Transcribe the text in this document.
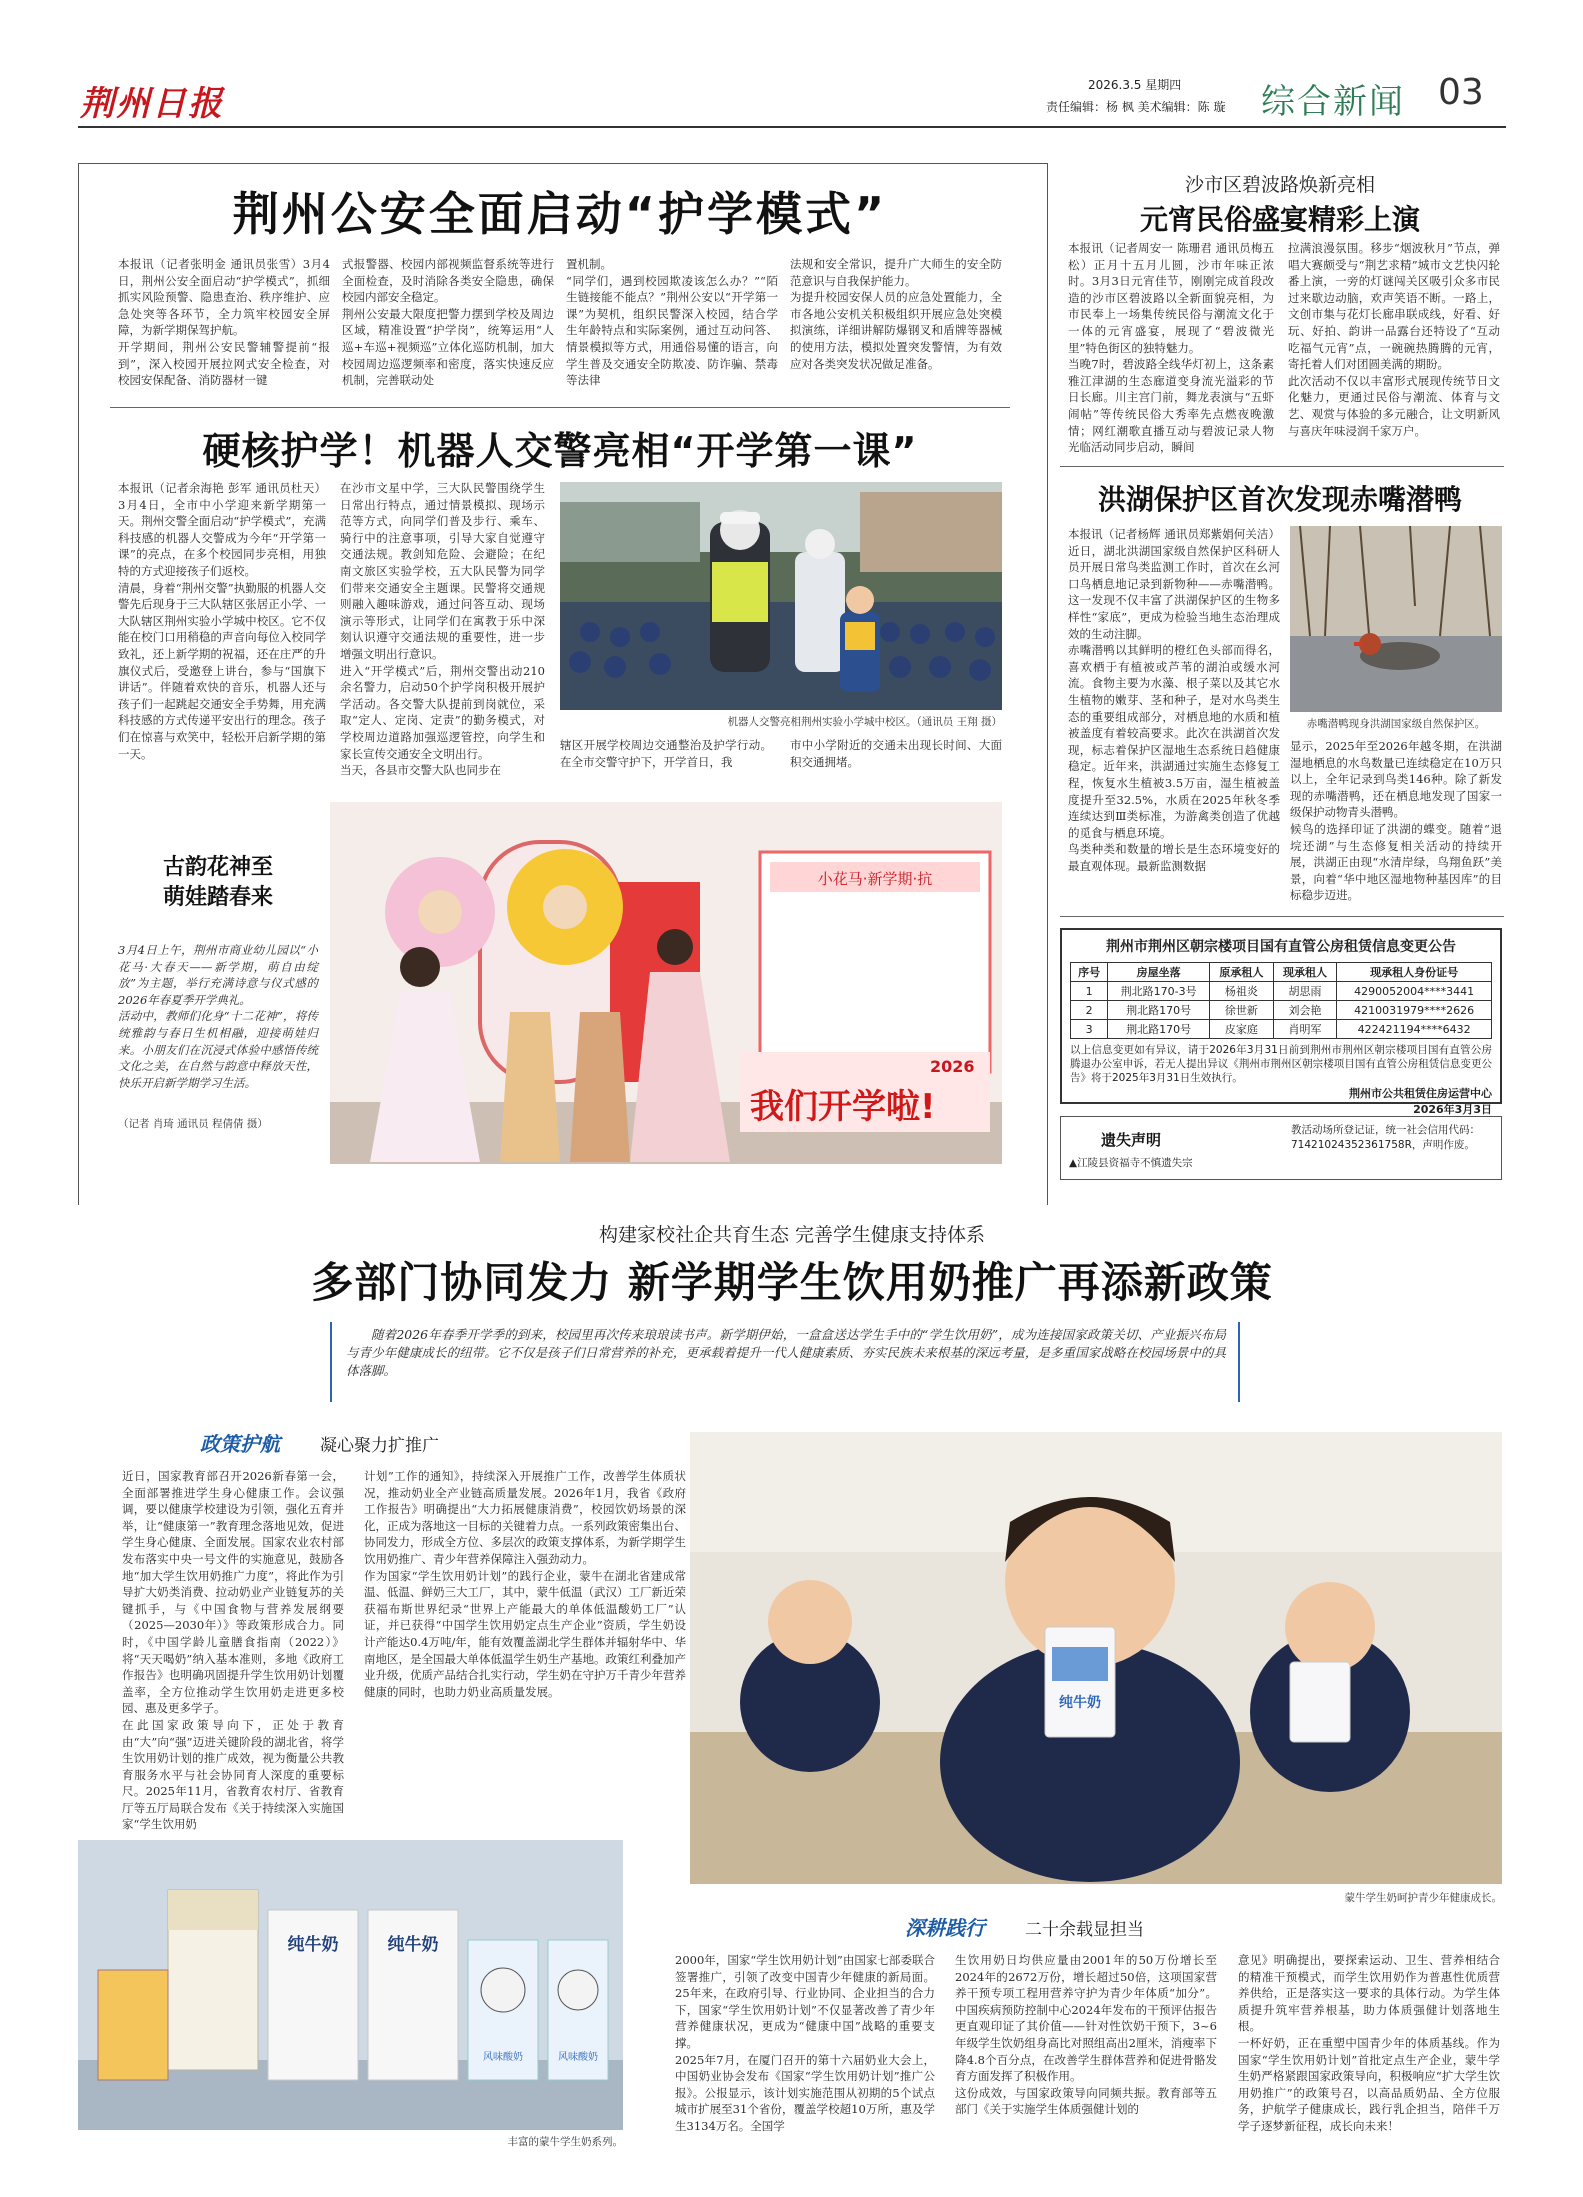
荆州日报	2026.3.5 星期四
责任编辑：杨 枫 美术编辑：陈 璇 综合新闻 03
荆州公安全面启动“护学模式”
本报讯（记者张明金 通讯员张雪）3月4日，荆州公安全面启动“护学模式”，抓细抓实风险预警、隐患查治、秩序维护、应急处突等各环节，全力筑牢校园安全屏障，为新学期保驾护航。
开学期间，荆州公安民警辅警提前“报到”，深入校园开展拉网式安全检查，对校园安保配备、消防器材一键
式报警器、校园内部视频监督系统等进行全面检查，及时消除各类安全隐患，确保校园内部安全稳定。
荆州公安最大限度把警力摆到学校及周边区域，精准设置“护学岗”，统筹运用“人巡+车巡+视频巡”立体化巡防机制，加大校园周边巡逻频率和密度，落实快速反应机制，完善联动处
置机制。
“同学们，遇到校园欺凌该怎么办？”“陌生链接能不能点？”荆州公安以“开学第一课”为契机，组织民警深入校园，结合学生年龄特点和实际案例，通过互动问答、情景模拟等方式，用通俗易懂的语言，向学生普及交通安全防欺凌、防诈骗、禁毒等法律
法规和安全常识，提升广大师生的安全防范意识与自我保护能力。
为提升校园安保人员的应急处置能力，全市各地公安机关积极组织开展应急处突模拟演练，详细讲解防爆钢叉和盾牌等器械的使用方法，模拟处置突发警情，为有效应对各类突发状况做足准备。
沙市区碧波路焕新亮相
元宵民俗盛宴精彩上演
本报讯（记者周安一 陈珊君 通讯员梅五松）正月十五月儿圆，沙市年味正浓时。3月3日元宵佳节，刚刚完成首段改造的沙市区碧波路以全新面貌亮相，为市民奉上一场集传统民俗与潮流文化于一体的元宵盛宴，展现了“碧波微光里”特色街区的独特魅力。
当晚7时，碧波路全线华灯初上，这条素雅江津湖的生态廊道变身流光溢彩的节日长廊。川主宫门前，舞龙表演与“五虾闹帖”等传统民俗大秀率先点燃夜晚激情；网红潮歌直播互动与碧波记录人物光临活动同步启动，瞬间
拉满浪漫氛围。移步“烟波秋月”节点，弹唱大赛颇受与“荆艺求精”城市文艺快闪轮番上演，一旁的灯谜闯关区吸引众多市民过来歇边动脑，欢声笑语不断。一路上，文创市集与花灯长廊串联成线，好看、好玩、好拍、韵讲一品露台还特设了“互动吃福气元宵”点，一碗碗热腾腾的元宵，寄托着人们对团圆美满的期盼。
此次活动不仅以丰富形式展现传统节日文化魅力，更通过民俗与潮流、体育与文艺、观赏与体验的多元融合，让文明新风与喜庆年味浸润千家万户。
硬核护学！机器人交警亮相“开学第一课”
本报讯（记者余海艳 彭军 通讯员杜天）3月4日，全市中小学迎来新学期第一天。荆州交警全面启动“护学模式”，充满科技感的机器人交警成为今年“开学第一课”的亮点，在多个校园同步亮相，用独特的方式迎接孩子们返校。
清晨，身着“荆州交警”执勤服的机器人交警先后现身于三大队辖区张居正小学、一大队辖区荆州实验小学城中校区。它不仅能在校门口用稍稳的声音向每位入校同学致礼，还上新学期的祝福，还在庄严的升旗仪式后，受邀登上讲台，参与“国旗下讲话”。伴随着欢快的音乐，机器人还与孩子们一起跳起交通安全手势舞，用充满科技感的方式传递平安出行的理念。孩子们在惊喜与欢笑中，轻松开启新学期的第一天。
在沙市文星中学，三大队民警围绕学生日常出行特点，通过情景模拟、现场示范等方式，向同学们普及步行、乘车、骑行中的注意事项，引导大家自觉遵守交通法规。教剑知危险、会避险；在纪南文旅区实验学校，五大队民警为同学们带来交通安全主题课。民警将交通规则融入趣味游戏，通过问答互动、现场演示等形式，让同学们在寓教于乐中深刻认识遵守交通法规的重要性，进一步增强文明出行意识。
进入“开学模式”后，荆州交警出动210余名警力，启动50个护学岗积极开展护学活动。各交警大队提前到岗就位，采取“定人、定岗、定责”的勤务模式，对学校周边道路加强巡逻管控，向学生和家长宣传交通安全文明出行。
当天，各县市交警大队也同步在
机器人交警亮相荆州实验小学城中校区。（通讯员 王翔 摄）
辖区开展学校周边交通整治及护学行动。在全市交警守护下，开学首日，我
市中小学附近的交通未出现长时间、大面积交通拥堵。
古韵花神至
萌娃踏春来
3月4日上午，荆州市商业幼儿园以“小花马·大春天——新学期，萌自由绽放”为主题，举行充满诗意与仪式感的2026年春夏季开学典礼。
活动中，教师们化身“十二花神”，将传统雅韵与春日生机相融，迎接萌娃归来。小朋友们在沉浸式体验中感悟传统文化之美，在自然与韵意中释放天性，快乐开启新学期学习生活。
（记者 肖琦 通讯员 程倩倩 摄）
小花马·新学期·抗
2026
我们开学啦!
洪湖保护区首次发现赤嘴潜鸭
本报讯（记者杨辉 通讯员郑紫娟何关洁）近日，湖北洪湖国家级自然保护区科研人员开展日常鸟类监测工作时，首次在幺河口鸟栖息地记录到新物种——赤嘴潜鸭。这一发现不仅丰富了洪湖保护区的生物多样性“家底”，更成为检验当地生态治理成效的生动注脚。
赤嘴潜鸭以其鲜明的橙红色头部而得名，喜欢栖于有植被或芦苇的湖泊或缓水河流。食物主要为水藻、根子菜以及其它水生植物的嫩芽、茎和种子，是对水鸟类生态的重要组成部分，对栖息地的水质和植被盖度有着较高要求。此次在洪湖首次发现，标志着保护区湿地生态系统日趋健康稳定。近年来，洪湖通过实施生态修复工程，恢复水生植被3.5万亩，湿生植被盖度提升至32.5%，水质在2025年秋冬季连续达到Ⅲ类标准，为游禽类创造了优越的觅食与栖息环境。
鸟类种类和数量的增长是生态环境变好的最直观体现。最新监测数据
赤嘴潜鸭现身洪湖国家级自然保护区。
显示，2025年至2026年越冬期，在洪湖湿地栖息的水鸟数量已连续稳定在10万只以上，全年记录到鸟类146种。除了新发现的赤嘴潜鸭，还在栖息地发现了国家一级保护动物青头潜鸭。
候鸟的选择印证了洪湖的蝶变。随着“退垸还湖”与生态修复相关活动的持续开展，洪湖正由现“水清岸绿，鸟翔鱼跃”美景，向着“华中地区湿地物种基因库”的目标稳步迈进。
荆州市荆州区朝宗楼项目国有直管公房租赁信息变更公告
序号	房屋坐落	原承租人	现承租人	现承租人身份证号
1	荆北路170-3号	杨祖炎	胡思雨	4290052004****3441
2	荆北路170号	徐世新	刘会艳	4210031979****2626
3	荆北路170号	皮家庭	肖明军	422421194****6432
以上信息变更如有异议，请于2026年3月31日前到荆州市荆州区朝宗楼项目国有直管公房腾退办公室申诉，若无人提出异议《荆州市荆州区朝宗楼项目国有直管公房租赁信息变更公告》将于2025年3月31日生效执行。
荆州市公共租赁住房运营中心
2026年3月3日
遗失声明
▲江陵县资福寺不慎遗失宗
教活动场所登记证，统一社会信用代码：71421024352361758R，声明作废。
构建家校社企共育生态 完善学生健康支持体系
多部门协同发力 新学期学生饮用奶推广再添新政策
随着2026年春季开学季的到来，校园里再次传来琅琅读书声。新学期伊始，一盒盒送达学生手中的“学生饮用奶”，成为连接国家政策关切、产业振兴布局与青少年健康成长的纽带。它不仅是孩子们日常营养的补充，更承载着提升一代人健康素质、夯实民族未来根基的深远考量，是多重国家战略在校园场景中的具体落脚。
政策护航 凝心聚力扩推广
近日，国家教育部召开2026新春第一会，全面部署推进学生身心健康工作。会议强调，要以健康学校建设为引领，强化五育并举，让“健康第一”教育理念落地见效，促进学生身心健康、全面发展。国家农业农村部发布落实中央一号文件的实施意见，鼓励各地“加大学生饮用奶推广力度”，将此作为引导扩大奶类消费、拉动奶业产业链复苏的关键抓手，与《中国食物与营养发展纲要（2025—2030年）》等政策形成合力。同时，《中国学龄儿童膳食指南（2022）》将“天天喝奶”纳入基本准则，多地《政府工作报告》也明确巩固提升学生饮用奶计划覆盖率，全方位推动学生饮用奶走进更多校园、惠及更多学子。
在此国家政策导向下，正处于教育由“大”向“强”迈进关键阶段的湖北省，将学生饮用奶计划的推广成效，视为衡量公共教育服务水平与社会协同育人深度的重要标尺。2025年11月，省教育农村厅、省教育厅等五厅局联合发布《关于持续深入实施国家“学生饮用奶
计划”工作的通知》，持续深入开展推广工作，改善学生体质状况，推动奶业全产业链高质量发展。2026年1月，我省《政府工作报告》明确提出“大力拓展健康消费”，校园饮奶场景的深化，正成为落地这一目标的关键着力点。一系列政策密集出台、协同发力，形成全方位、多层次的政策支撑体系，为新学期学生饮用奶推广、青少年营养保障注入强劲动力。
作为国家“学生饮用奶计划”的践行企业，蒙牛在湖北省建成常温、低温、鲜奶三大工厂，其中，蒙牛低温（武汉）工厂新近荣获福布斯世界纪录“世界上产能最大的单体低温酸奶工厂”认证，并已获得“中国学生饮用奶定点生产企业”资质，学生奶设计产能达0.4万吨/年，能有效覆盖湖北学生群体并辐射华中、华南地区，是全国最大单体低温学生奶生产基地。政策红利叠加产业升级，优质产品结合扎实行动，学生奶在守护万千青少年营养健康的同时，也助力奶业高质量发展。
纯牛奶
蒙牛学生奶呵护青少年健康成长。
纯牛奶	纯牛奶
风味酸奶	风味酸奶
丰富的蒙牛学生奶系列。
深耕践行 二十余载显担当
2000年，国家“学生饮用奶计划”由国家七部委联合签署推广，引领了改变中国青少年健康的新局面。25年来，在政府引导、行业协同、企业担当的合力下，国家“学生饮用奶计划”不仅显著改善了青少年营养健康状况，更成为“健康中国”战略的重要支撑。
2025年7月，在厦门召开的第十六届奶业大会上，中国奶业协会发布《国家“学生饮用奶计划”推广公报》。公报显示，该计划实施范围从初期的5个试点城市扩展至31个省份，覆盖学校超10万所，惠及学生3134万名。全国学
生饮用奶日均供应量由2001年的50万份增长至2024年的2672万份，增长超过50倍，这项国家营养干预专项工程用营养守护为青少年体质“加分”。中国疾病预防控制中心2024年发布的干预评估报告更直观印证了其价值——针对性饮奶干预下，3~6年级学生饮奶组身高比对照组高出2厘米，消瘦率下降4.8个百分点，在改善学生群体营养和促进骨骼发育方面发挥了积极作用。
这份成效，与国家政策导向同频共振。教育部等五部门《关于实施学生体质强健计划的
意见》明确提出，要探索运动、卫生、营养相结合的精准干预模式，而学生饮用奶作为普惠性优质营养供给，正是落实这一要求的具体行动。为学生体质提升筑牢营养根基，助力体质强健计划落地生根。
一杯好奶，正在重塑中国青少年的体质基线。作为国家“学生饮用奶计划”首批定点生产企业，蒙牛学生奶严格紧跟国家政策导向，积极响应“扩大学生饮用奶推广”的政策号召，以高品质奶品、全方位服务，护航学子健康成长，践行乳企担当，陪伴千万学子逐梦新征程，成长向未来！
